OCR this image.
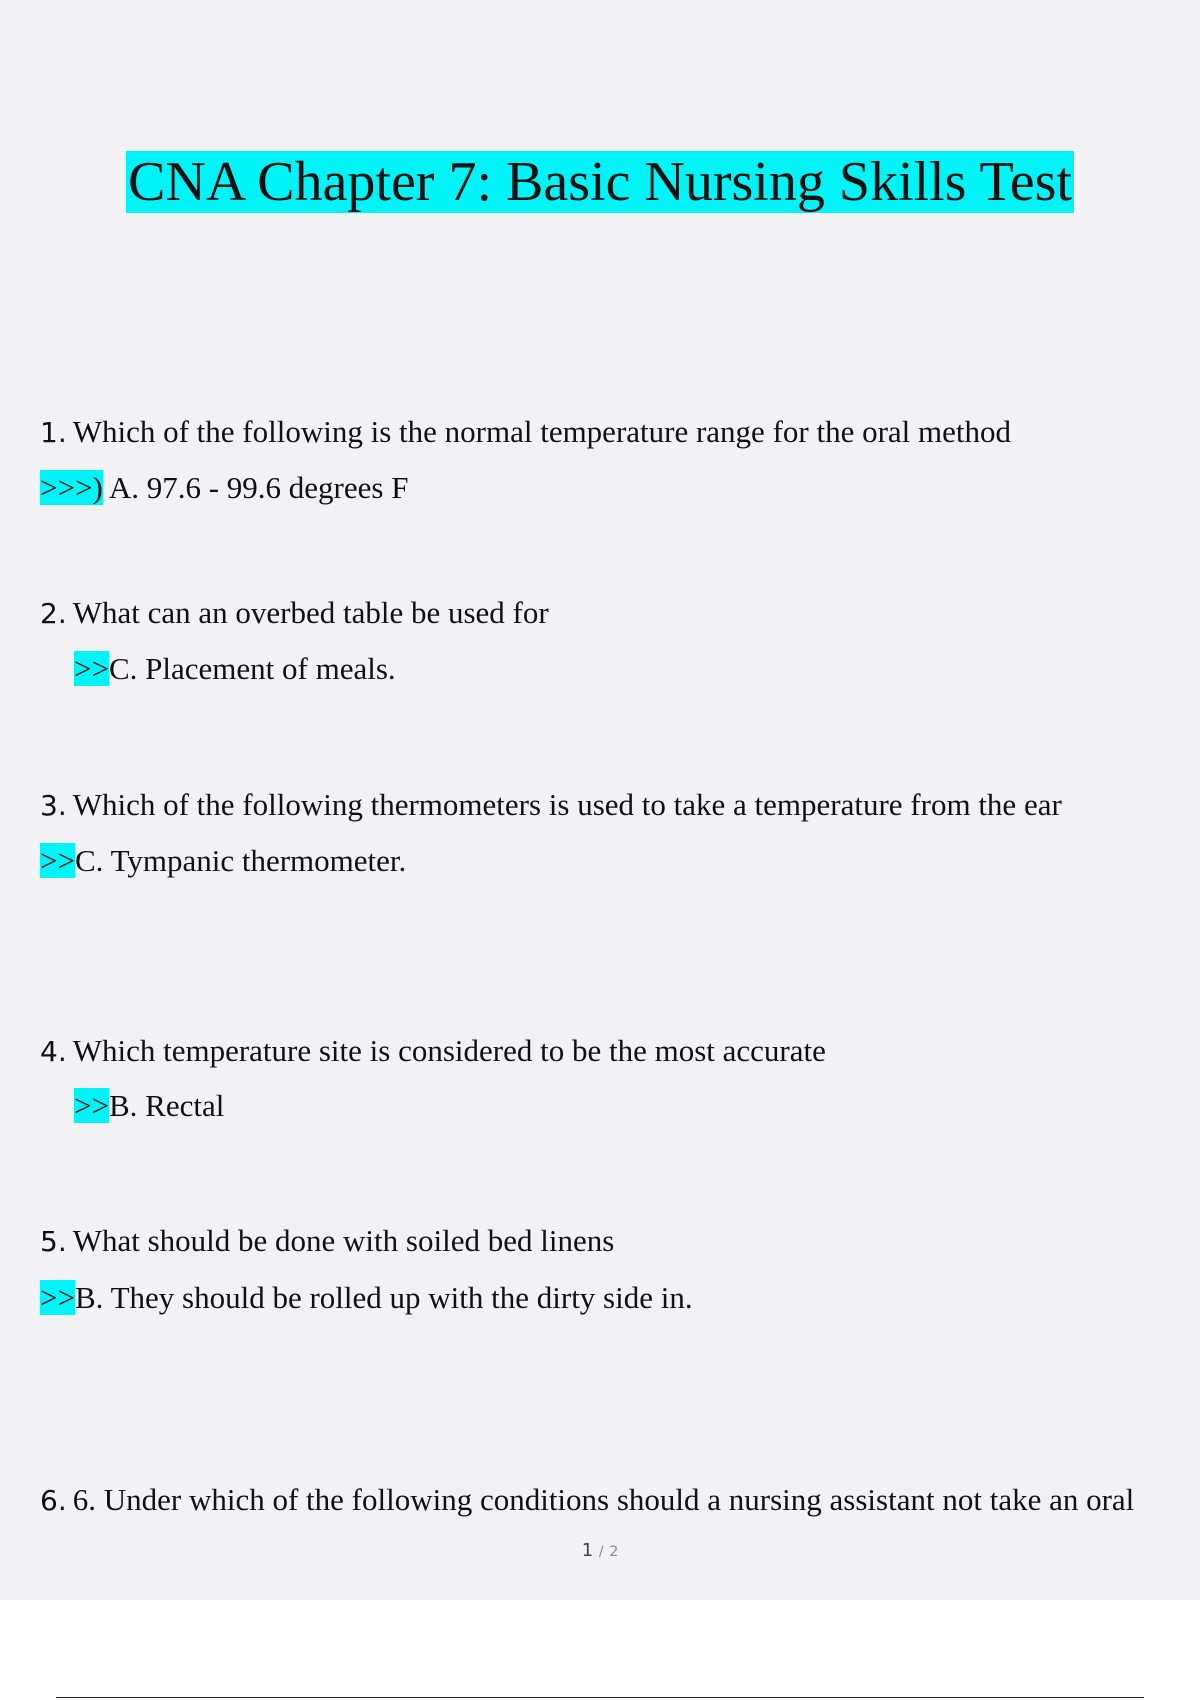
CNA Chapter 7: Basic Nursing Skills Test
1. Which of the following is the normal temperature range for the oral method
>>>) A. 97.6 - 99.6 degrees F
2. What can an overbed table be used for
>>C. Placement of meals.
3. Which of the following thermometers is used to take a temperature from the ear
>>C. Tympanic thermometer.
4. Which temperature site is considered to be the most accurate
>>B. Rectal
5. What should be done with soiled bed linens
>>B. They should be rolled up with the dirty side in.
6. 6. Under which of the following conditions should a nursing assistant not take an oral
1 / 2
